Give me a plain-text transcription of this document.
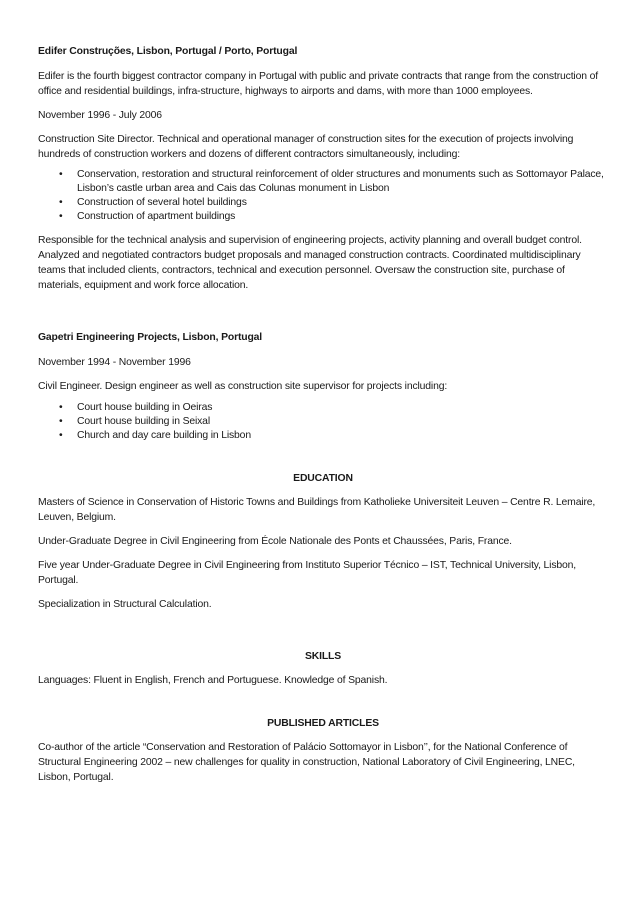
Edifer Construções, Lisbon, Portugal / Porto, Portugal

Edifer is the fourth biggest contractor company in Portugal with public and private contracts that range from the construction of office and residential buildings, infra-structure, highways to airports and dams, with more than 1000 employees.

November 1996 - July 2006

Construction Site Director. Technical and operational manager of construction sites for the execution of projects involving hundreds of construction workers and dozens of different contractors simultaneously, including:

• Conservation, restoration and structural reinforcement of older structures and monuments such as Sottomayor Palace, Lisbon’s castle urban area and Cais das Colunas monument in Lisbon
• Construction of several hotel buildings
• Construction of apartment buildings

Responsible for the technical analysis and supervision of engineering projects, activity planning and overall budget control. Analyzed and negotiated contractors budget proposals and managed construction contracts. Coordinated multidisciplinary teams that included clients, contractors, technical and execution personnel. Oversaw the construction site, purchase of materials, equipment and work force allocation.

Gapetri Engineering Projects, Lisbon, Portugal

November 1994 - November 1996

Civil Engineer. Design engineer as well as construction site supervisor for projects including:

• Court house building in Oeiras
• Court house building in Seixal
• Church and day care building in Lisbon

EDUCATION

Masters of Science in Conservation of Historic Towns and Buildings from Katholieke Universiteit Leuven – Centre R. Lemaire, Leuven, Belgium.

Under-Graduate Degree in Civil Engineering from École Nationale des Ponts et Chaussées, Paris, France.

Five year Under-Graduate Degree in Civil Engineering from Instituto Superior Técnico – IST, Technical University, Lisbon, Portugal.

Specialization in Structural Calculation.

SKILLS

Languages: Fluent in English, French and Portuguese. Knowledge of Spanish.

PUBLISHED ARTICLES

Co-author of the article “Conservation and Restoration of Palácio Sottomayor in Lisbon’’, for the National Conference of Structural Engineering 2002 – new challenges for quality in construction, National Laboratory of Civil Engineering, LNEC, Lisbon, Portugal.
